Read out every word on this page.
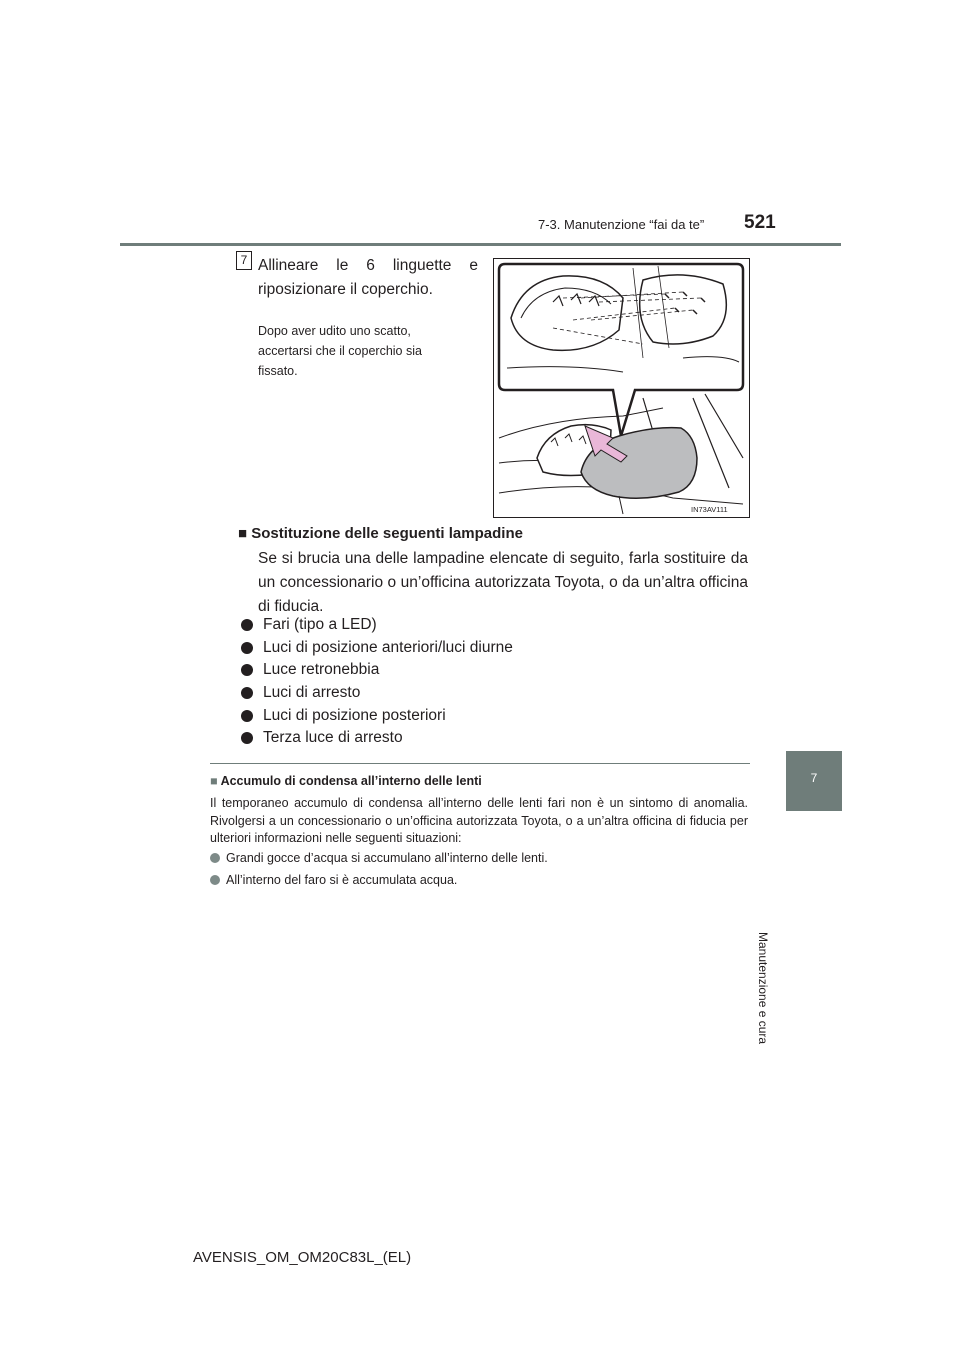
7-3. Manutenzione “fai da te” 521
7
Manutenzione e cura
7 Allineare le 6 linguette e riposizionare il coperchio.
Dopo aver udito uno scatto, accertarsi che il coperchio sia fissato.
IN73AV111
■ Sostituzione delle seguenti lampadine
Se si brucia una delle lampadine elencate di seguito, farla sostituire da un concessionario o un’officina autorizzata Toyota, o da un’altra officina di fiducia.
Fari (tipo a LED)
Luci di posizione anteriori/luci diurne
Luce retronebbia
Luci di arresto
Luci di posizione posteriori
Terza luce di arresto
■ Accumulo di condensa all’interno delle lenti
Il temporaneo accumulo di condensa all’interno delle lenti fari non è un sintomo di anomalia. Rivolgersi a un concessionario o un’officina autorizzata Toyota, o a un’altra officina di fiducia per ulteriori informazioni nelle seguenti situazioni:
Grandi gocce d’acqua si accumulano all’interno delle lenti.
All’interno del faro si è accumulata acqua.
AVENSIS_OM_OM20C83L_(EL)
